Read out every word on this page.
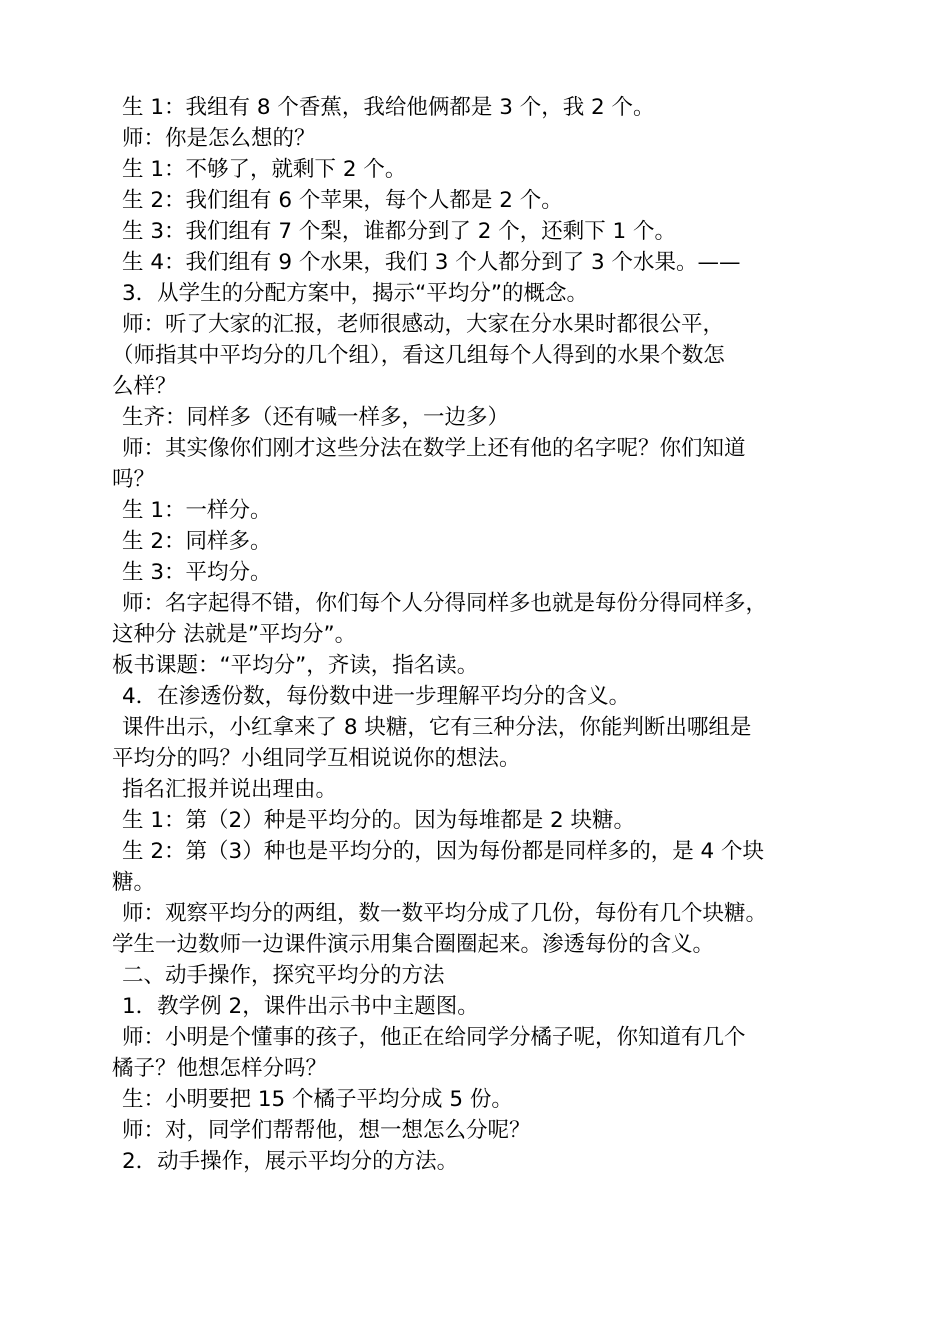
生 1：我组有 8 个香蕉，我给他俩都是 3 个，我 2 个。
师：你是怎么想的？
生 1：不够了，就剩下 2 个。
生 2：我们组有 6 个苹果，每个人都是 2 个。
生 3：我们组有 7 个梨，谁都分到了 2 个，还剩下 1 个。
生 4：我们组有 9 个水果，我们 3 个人都分到了 3 个水果。——
3．从学生的分配方案中，揭示“平均分”的概念。
师：听了大家的汇报，老师很感动，大家在分水果时都很公平，
（师指其中平均分的几个组），看这几组每个人得到的水果个数怎
么样？
生齐：同样多（还有喊一样多，一边多）
师：其实像你们刚才这些分法在数学上还有他的名字呢？你们知道
吗？
生 1：一样分。
生 2：同样多。
生 3：平均分。
师：名字起得不错，你们每个人分得同样多也就是每份分得同样多，
这种分 法就是”平均分”。
板书课题：“平均分”，齐读，指名读。
4．在渗透份数，每份数中进一步理解平均分的含义。
课件出示，小红拿来了 8 块糖，它有三种分法，你能判断出哪组是
平均分的吗？小组同学互相说说你的想法。
指名汇报并说出理由。
生 1：第（2）种是平均分的。因为每堆都是 2 块糖。
生 2：第（3）种也是平均分的，因为每份都是同样多的，是 4 个块
糖。
师：观察平均分的两组，数一数平均分成了几份，每份有几个块糖。
学生一边数师一边课件演示用集合圈圈起来。渗透每份的含义。
二、动手操作，探究平均分的方法
1．教学例 2，课件出示书中主题图。
师：小明是个懂事的孩子，他正在给同学分橘子呢，你知道有几个
橘子？他想怎样分吗？
生：小明要把 15 个橘子平均分成 5 份。
师：对，同学们帮帮他，想一想怎么分呢？
2．动手操作，展示平均分的方法。
